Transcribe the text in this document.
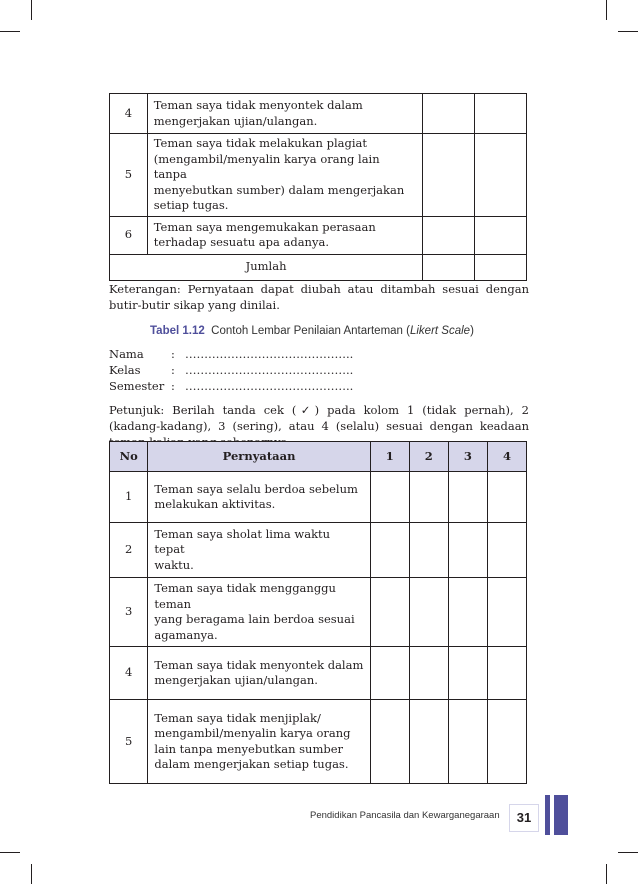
4	Teman saya tidak menyontek dalam
mengerjakan ujian/ulangan.		

5	Teman saya tidak melakukan plagiat
(mengambil/menyalin karya orang lain tanpa
menyebutkan sumber) dalam mengerjakan
setiap tugas.		

6	Teman saya mengemukakan perasaan
terhadap sesuatu apa adanya.		

Jumlah			
Keterangan: Pernyataan dapat diubah atau ditambah sesuai dengan butir-butir sikap yang dinilai.
Tabel 1.12 Contoh Lembar Penilaian Antarteman (Likert Scale)
Nama : ……………………………………..
Kelas	: ……………………………………..
Semester : ……………………………………..
Petunjuk: Berilah tanda cek (✓) pada kolom 1 (tidak pernah), 2 (kadang-kadang), 3 (sering), atau 4 (selalu) sesuai dengan keadaan
No	Pernyataan	1	2	3	4
1	Teman saya selalu berdoa sebelum
melakukan aktivitas.				

2	Teman saya sholat lima waktu tepat
waktu.				

3	Teman saya tidak mengganggu teman
yang beragama lain berdoa sesuai
agamanya.				

4	Teman saya tidak menyontek dalam
mengerjakan ujian/ulangan.				

5	Teman saya tidak menjiplak/
mengambil/menyalin karya orang
lain tanpa menyebutkan sumber
dalam mengerjakan setiap tugas.				

Pendidikan Pancasila dan Kewarganegaraan	31
